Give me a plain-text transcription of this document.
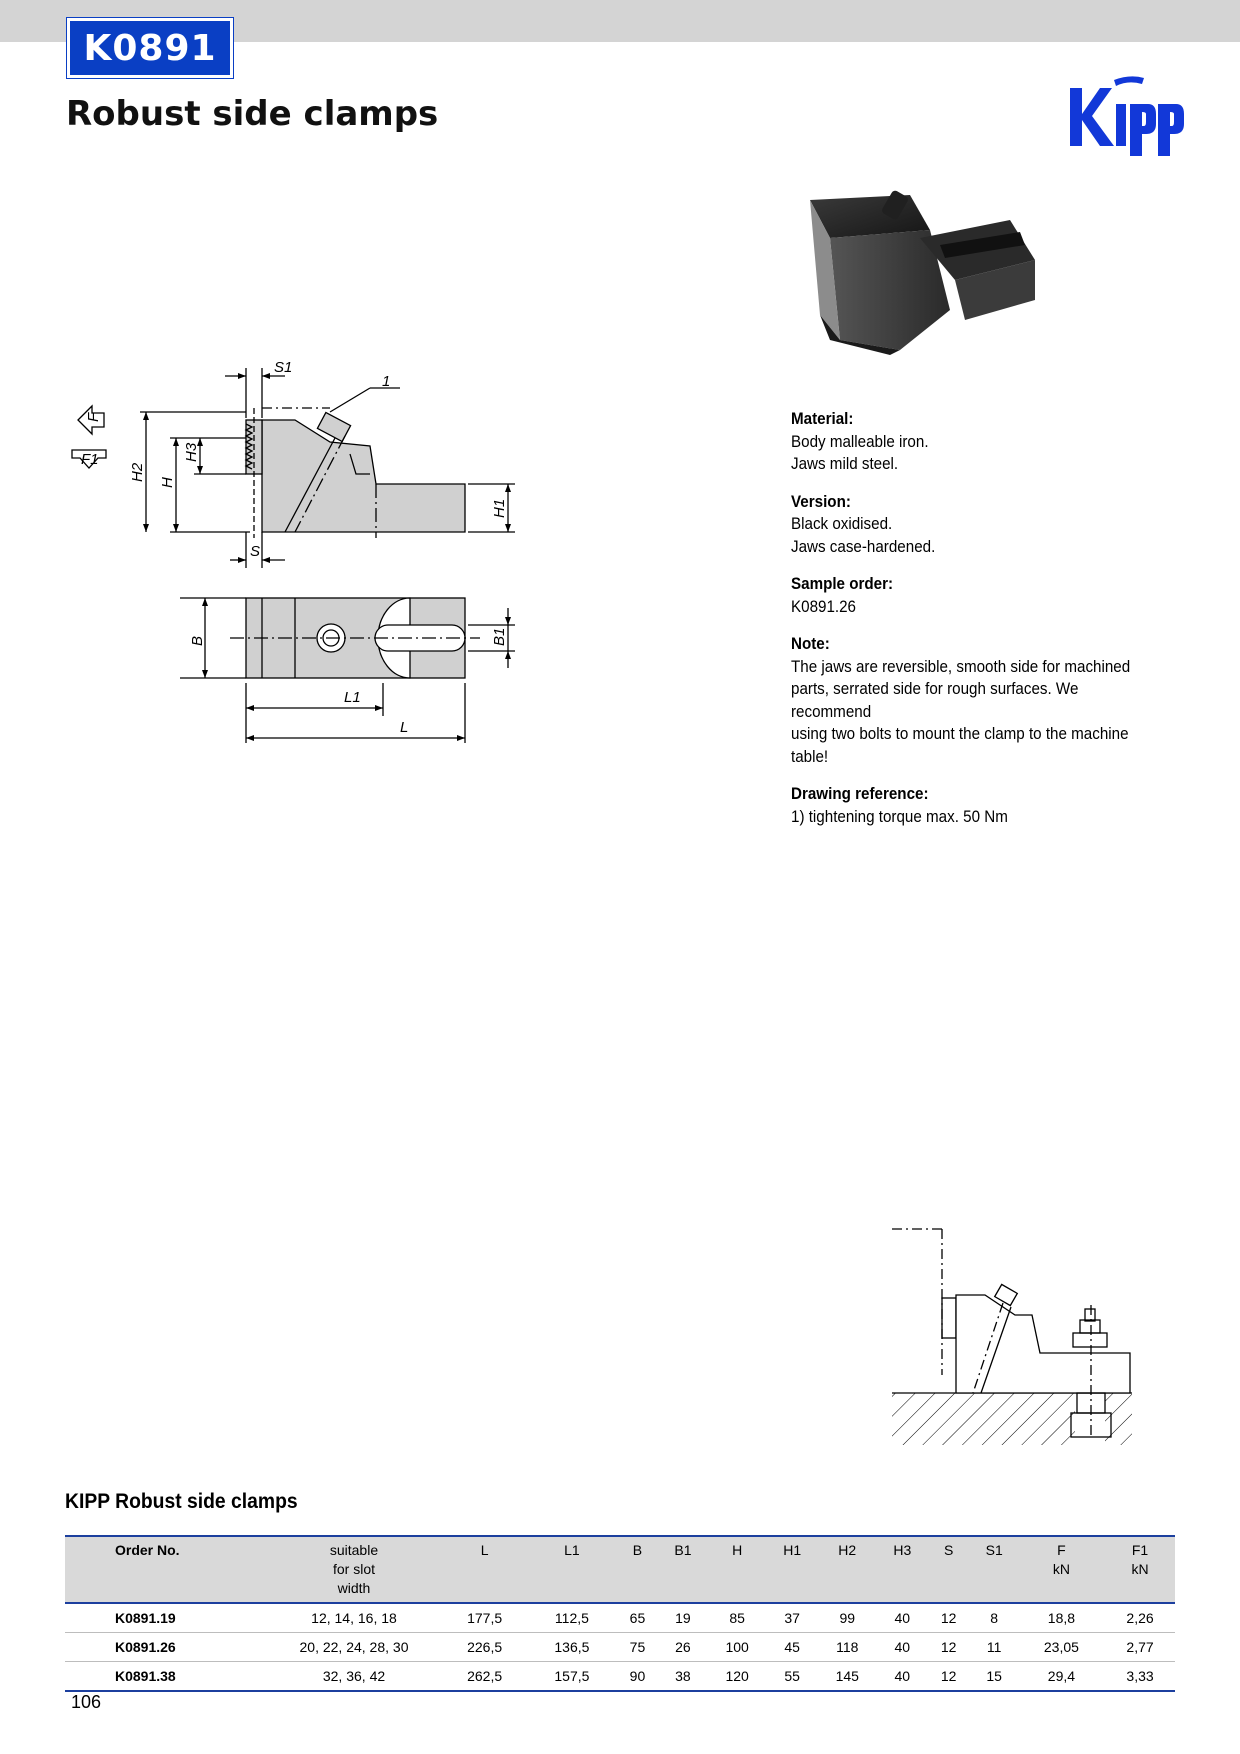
K0891
Robust side clamps
S1
1
F
F1
H2
H
H3
H1
S
B	B1
L1
L
Material:
Body malleable iron.
Jaws mild steel.
Version:
Black oxidised.
Jaws case-hardened.
Sample order:
K0891.26
Note:
The jaws are reversible, smooth side for machined
parts, serrated side for rough surfaces. We recommend
using two bolts to mount the clamp to the machine
table!
Drawing reference:
1) tightening torque max. 50 Nm
KIPP Robust side clamps
Order No.	suitable
for slot
width	L	L1	B	B1	H	H1	H2	H3	S	S1	F
kN	F1
kN
K0891.19	12, 14, 16, 18	177,5	112,5	65	19	85	37	99	40	12	8	18,8	2,26
K0891.26	20, 22, 24, 28, 30	226,5	136,5	75	26	100	45	118	40	12	11	23,05	2,77
K0891.38	32, 36, 42	262,5	157,5	90	38	120	55	145	40	12	15	29,4	3,33
106
